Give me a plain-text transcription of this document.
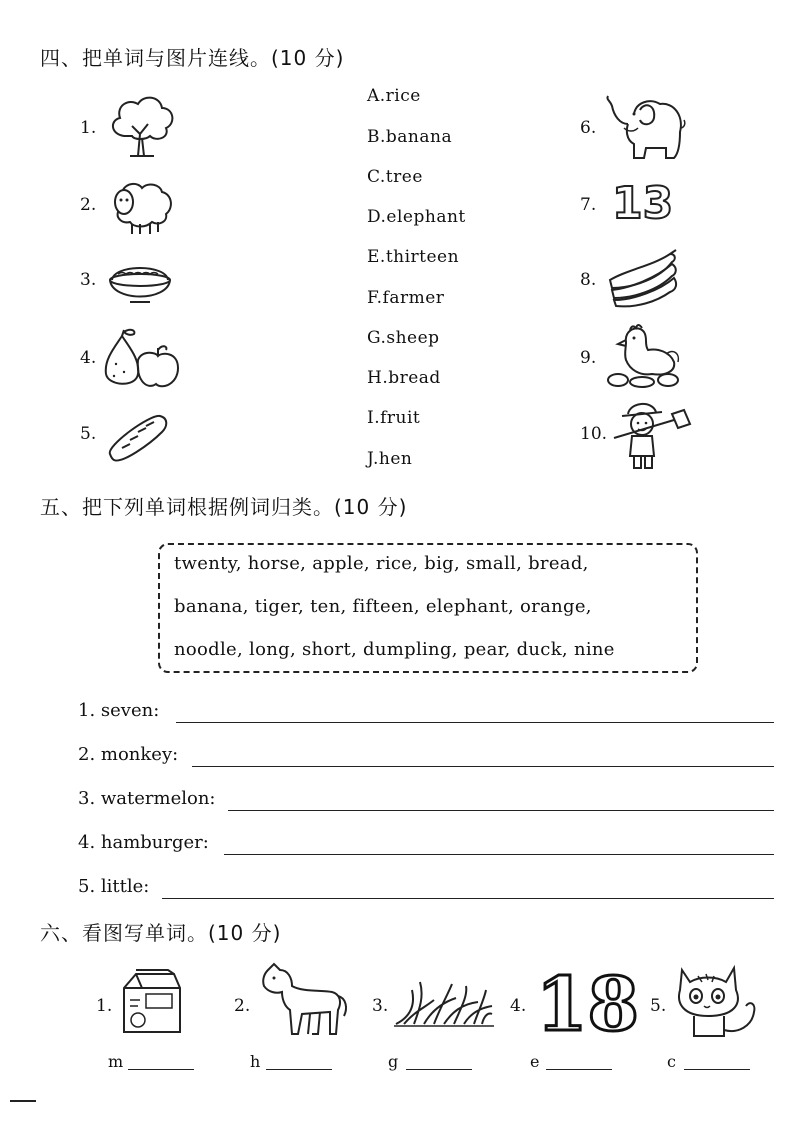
四、把单词与图片连线。(10 分)
1.
2.
3.
4.
5.
A.rice
B.banana
C.tree
D.elephant
E.thirteen
F.farmer
G.sheep
H.bread
I.fruit
J.hen
6.
7.
8.
9.
10.
13
五、把下列单词根据例词归类。(10 分)
twenty, horse, apple, rice, big, small, bread,
banana, tiger, ten, fifteen, elephant, orange,
noodle, long, short, dumpling, pear, duck, nine
1. seven:
2. monkey:
3. watermelon:
4. hamburger:
5. little:
六、看图写单词。(10 分)
1.
m
2.
h
3.
g
4. 18
e
5.
c
